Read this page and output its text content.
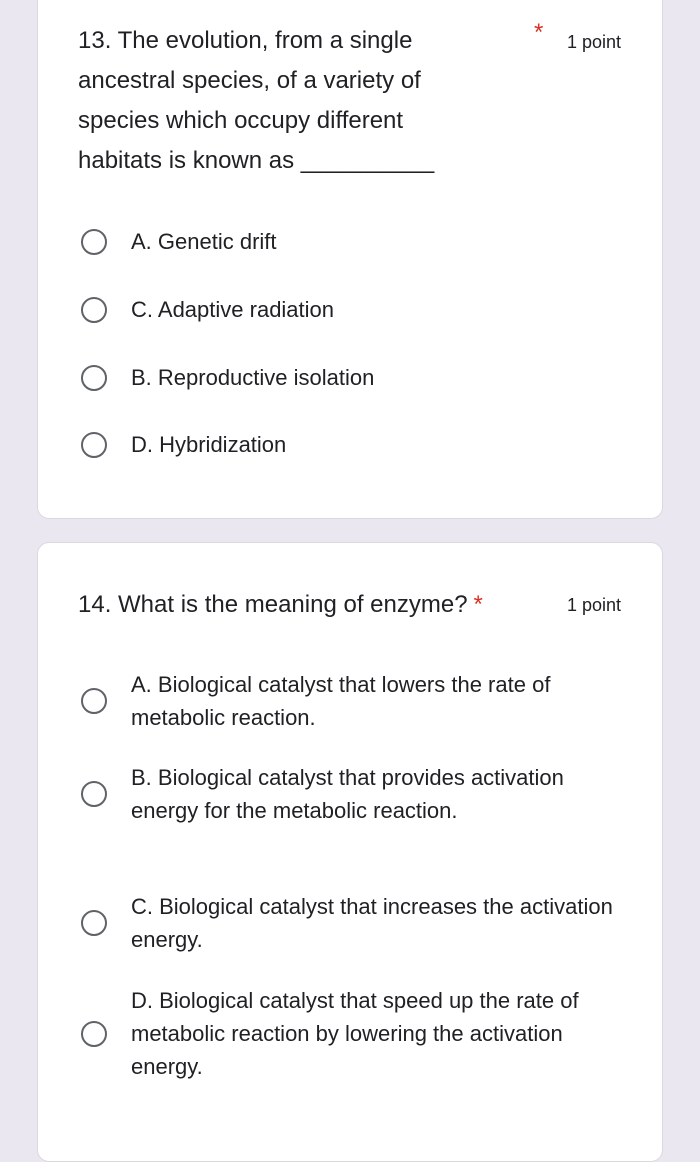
13. The evolution, from a single ancestral species, of a variety of species which occupy different habitats is known as __________
* 1 point
A. Genetic drift
C. Adaptive radiation
B. Reproductive isolation
D. Hybridization
14. What is the meaning of enzyme? *	1 point
A. Biological catalyst that lowers the rate of metabolic reaction.
B. Biological catalyst that provides activation energy for the metabolic reaction.
C. Biological catalyst that increases the activation energy.
D. Biological catalyst that speed up the rate of metabolic reaction by lowering the activation energy.
